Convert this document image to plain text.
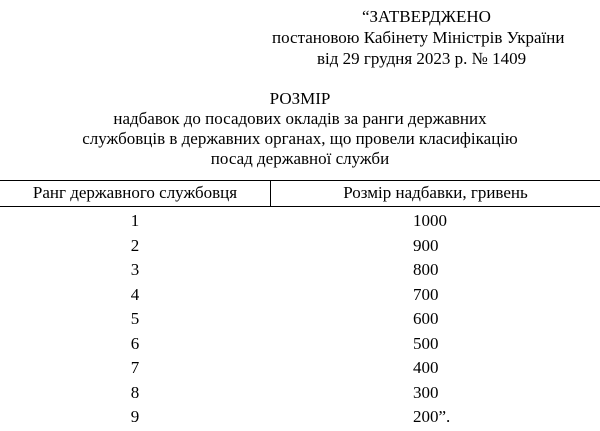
“ЗАТВЕРДЖЕНО
постановою Кабінету Міністрів України
від 29 грудня 2023 р. № 1409
РОЗМІР
надбавок до посадових окладів за ранги державних
службовців в державних органах, що провели класифікацію
посад державної служби
Ранг державного службовця	Розмір надбавки, гривень
1	1000
2	900
3	800
4	700
5	600
6	500
7	400
8	300
9	200”.
